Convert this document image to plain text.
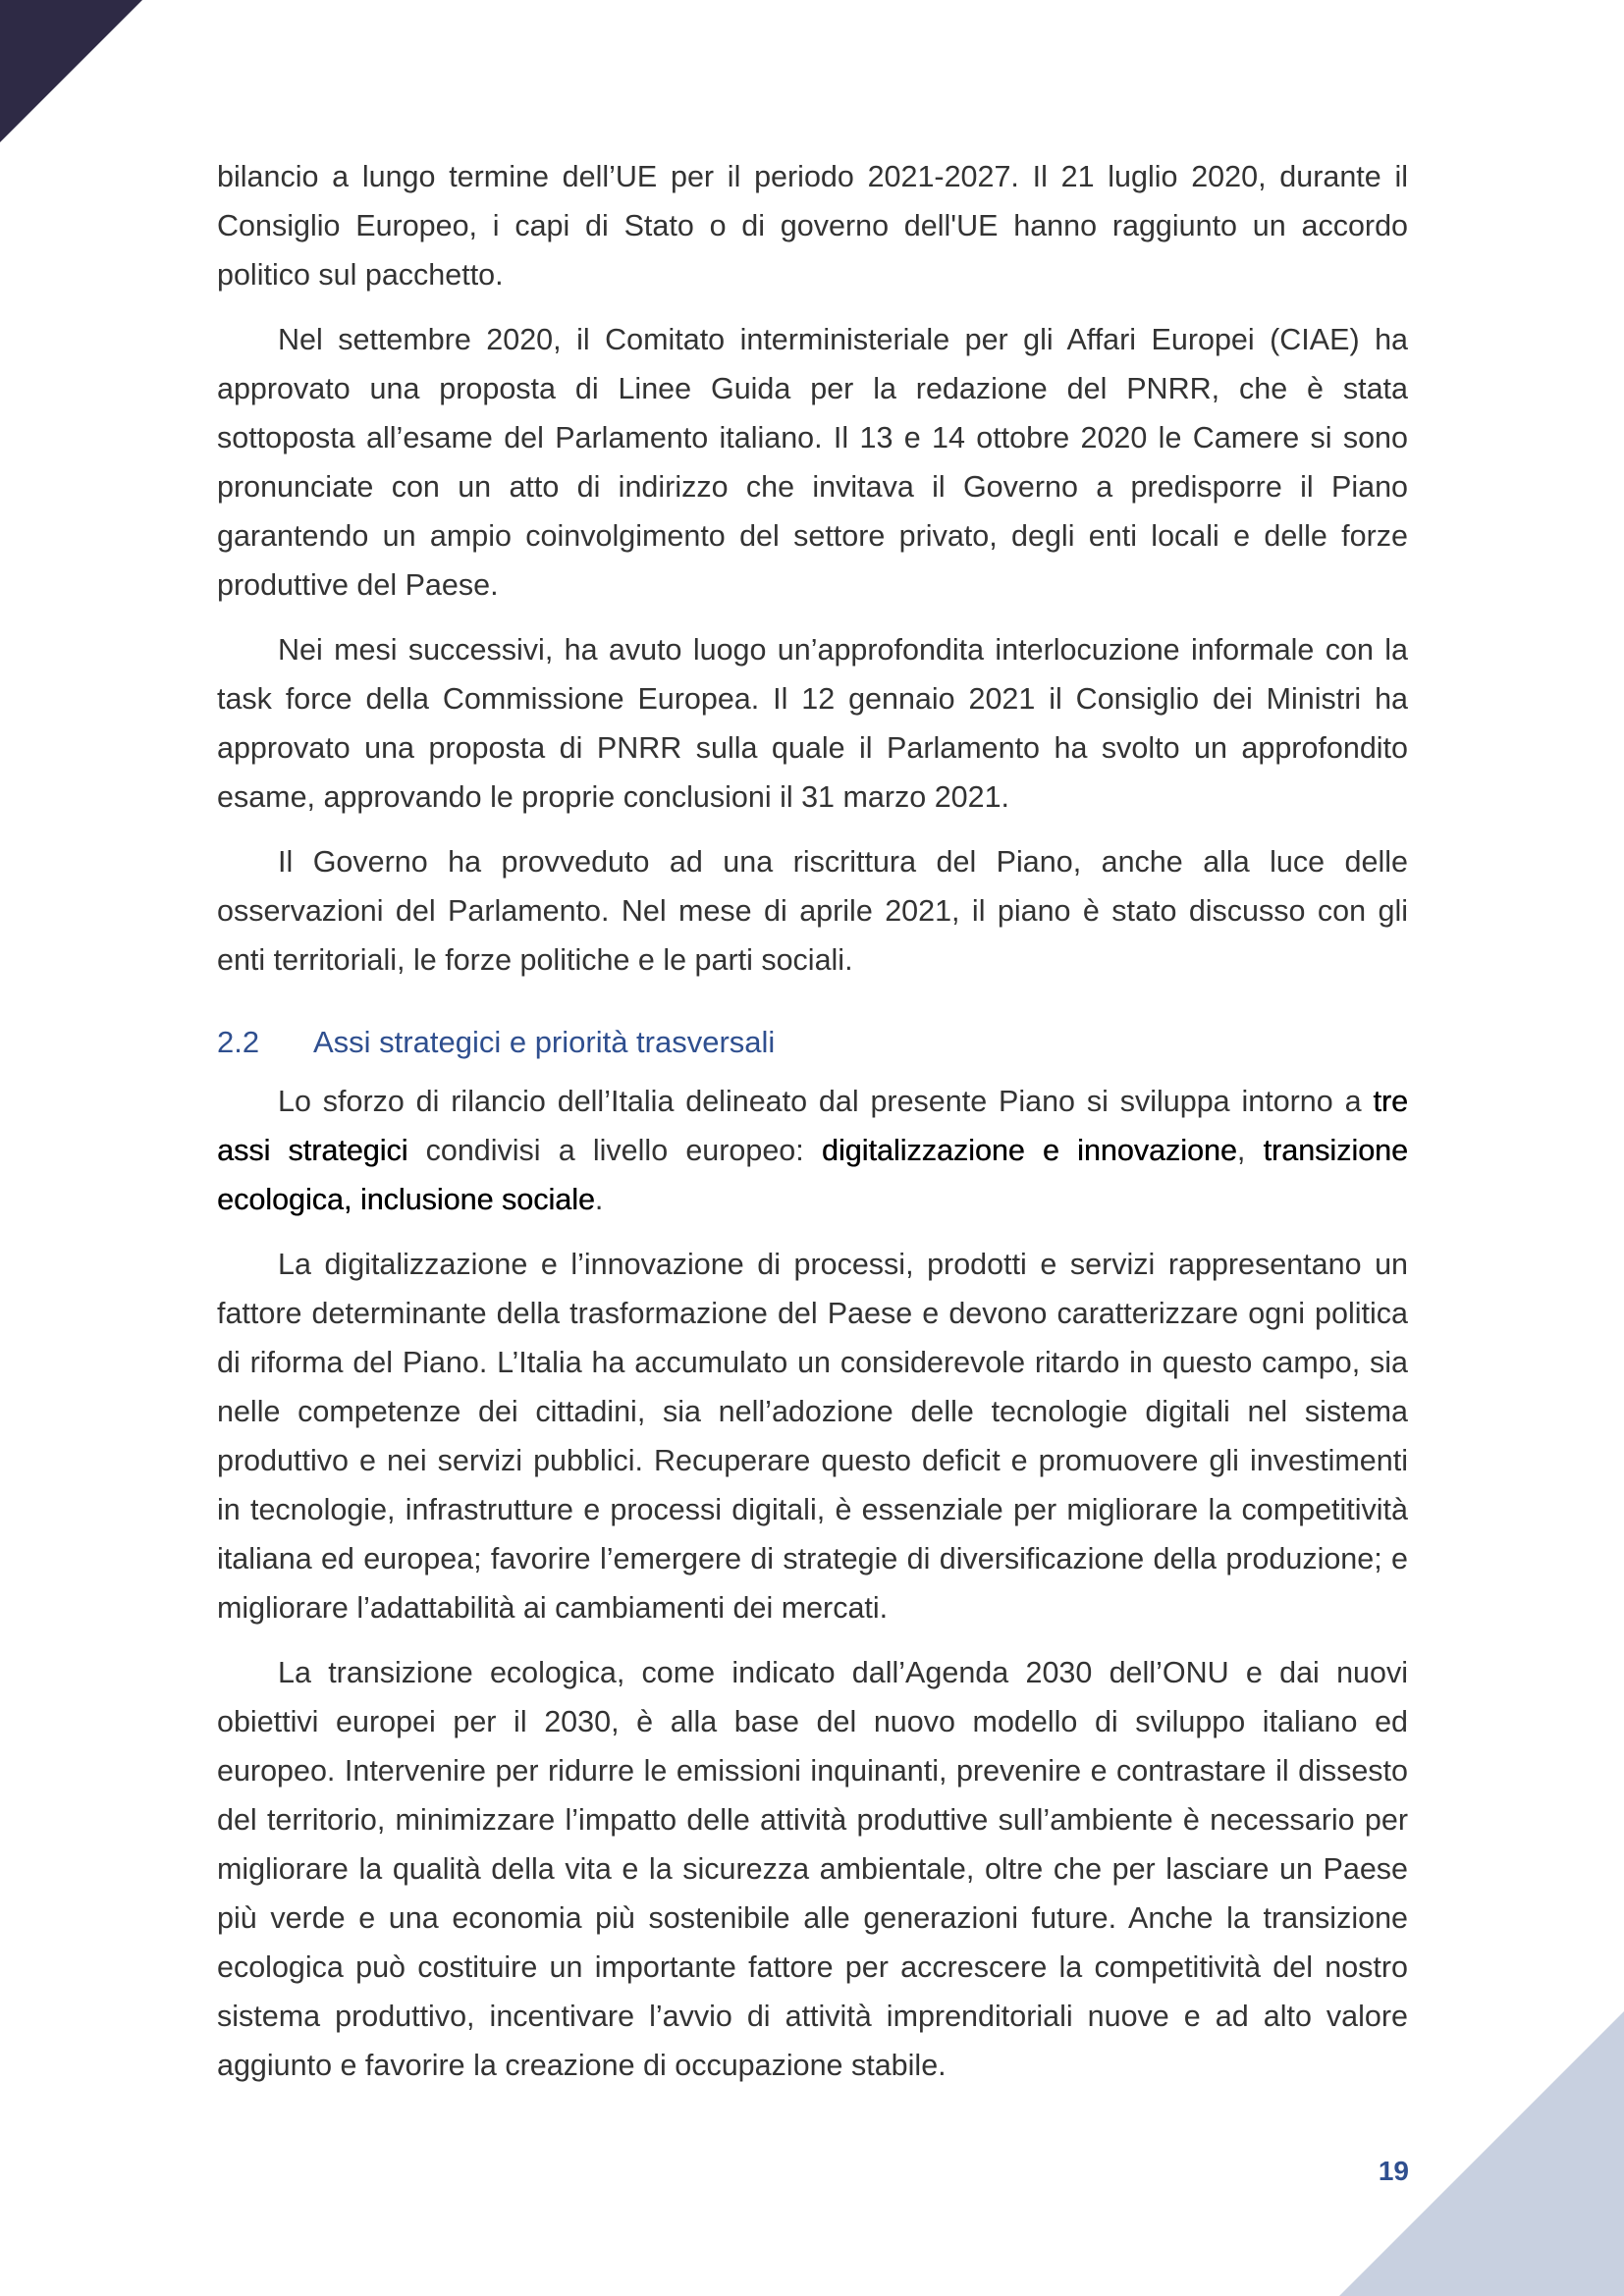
bilancio a lungo termine dell’UE per il periodo 2021-2027. Il 21 luglio 2020, durante il Consiglio Europeo, i capi di Stato o di governo dell'UE hanno raggiunto un accordo politico sul pacchetto.

Nel settembre 2020, il Comitato interministeriale per gli Affari Europei (CIAE) ha approvato una proposta di Linee Guida per la redazione del PNRR, che è stata sottoposta all’esame del Parlamento italiano. Il 13 e 14 ottobre 2020 le Camere si sono pronunciate con un atto di indirizzo che invitava il Governo a predisporre il Piano garantendo un ampio coinvolgimento del settore privato, degli enti locali e delle forze produttive del Paese.

Nei mesi successivi, ha avuto luogo un’approfondita interlocuzione informale con la task force della Commissione Europea. Il 12 gennaio 2021 il Consiglio dei Ministri ha approvato una proposta di PNRR sulla quale il Parlamento ha svolto un approfondito esame, approvando le proprie conclusioni il 31 marzo 2021.

Il Governo ha provveduto ad una riscrittura del Piano, anche alla luce delle osservazioni del Parlamento. Nel mese di aprile 2021, il piano è stato discusso con gli enti territoriali, le forze politiche e le parti sociali.

2.2 Assi strategici e priorità trasversali

Lo sforzo di rilancio dell’Italia delineato dal presente Piano si sviluppa intorno a tre assi strategici condivisi a livello europeo: digitalizzazione e innovazione, transizione ecologica, inclusione sociale.

La digitalizzazione e l’innovazione di processi, prodotti e servizi rappresentano un fattore determinante della trasformazione del Paese e devono caratterizzare ogni politica di riforma del Piano. L’Italia ha accumulato un considerevole ritardo in questo campo, sia nelle competenze dei cittadini, sia nell’adozione delle tecnologie digitali nel sistema produttivo e nei servizi pubblici. Recuperare questo deficit e promuovere gli investimenti in tecnologie, infrastrutture e processi digitali, è essenziale per migliorare la competitività italiana ed europea; favorire l’emergere di strategie di diversificazione della produzione; e migliorare l’adattabilità ai cambiamenti dei mercati.

La transizione ecologica, come indicato dall’Agenda 2030 dell’ONU e dai nuovi obiettivi europei per il 2030, è alla base del nuovo modello di sviluppo italiano ed europeo. Intervenire per ridurre le emissioni inquinanti, prevenire e contrastare il dissesto del territorio, minimizzare l’impatto delle attività produttive sull’ambiente è necessario per migliorare la qualità della vita e la sicurezza ambientale, oltre che per lasciare un Paese più verde e una economia più sostenibile alle generazioni future. Anche la transizione ecologica può costituire un importante fattore per accrescere la competitività del nostro sistema produttivo, incentivare l’avvio di attività imprenditoriali nuove e ad alto valore aggiunto e favorire la creazione di occupazione stabile.

19
